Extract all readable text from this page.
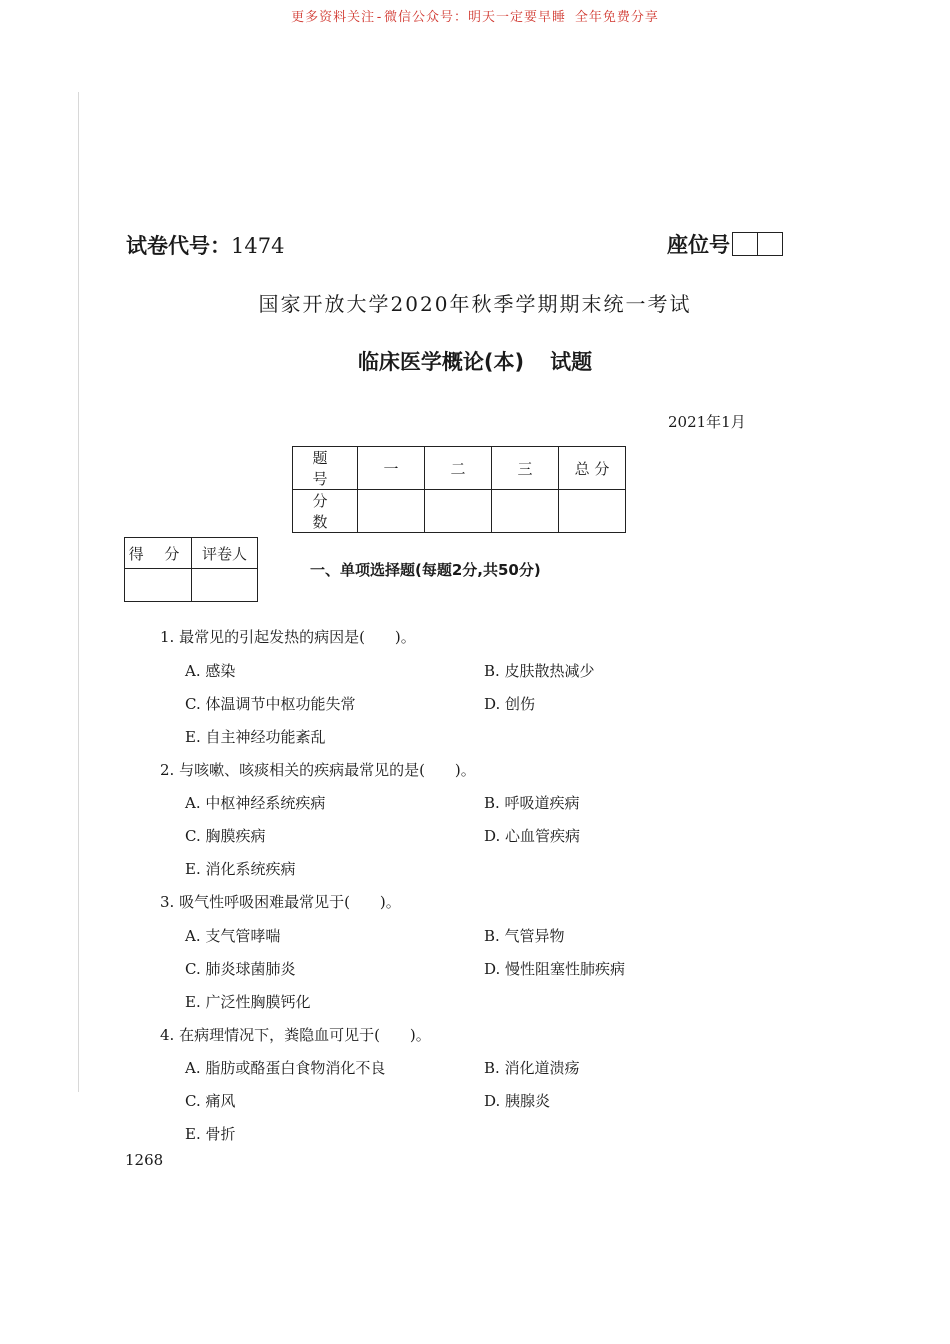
更多资料关注-微信公众号：明天一定要早睡 全年免费分享
试卷代号：1474	座位号
国家开放大学2020年秋季学期期末统一考试
临床医学概论(本) 试题
2021年1月
题 号	一	二	三	总 分
分 数				
得 分	评卷人

一、单项选择题(每题2分,共50分)
1. 最常见的引起发热的病因是(　　)。
A. 感染	B. 皮肤散热减少
C. 体温调节中枢功能失常	D. 创伤
E. 自主神经功能紊乱
2. 与咳嗽、咳痰相关的疾病最常见的是(　　)。
A. 中枢神经系统疾病	B. 呼吸道疾病
C. 胸膜疾病	D. 心血管疾病
E. 消化系统疾病
3. 吸气性呼吸困难最常见于(　　)。
A. 支气管哮喘	B. 气管异物
C. 肺炎球菌肺炎	D. 慢性阻塞性肺疾病
E. 广泛性胸膜钙化
4. 在病理情况下，粪隐血可见于(　　)。
A. 脂肪或酪蛋白食物消化不良	B. 消化道溃疡
C. 痛风	D. 胰腺炎
E. 骨折
1268
